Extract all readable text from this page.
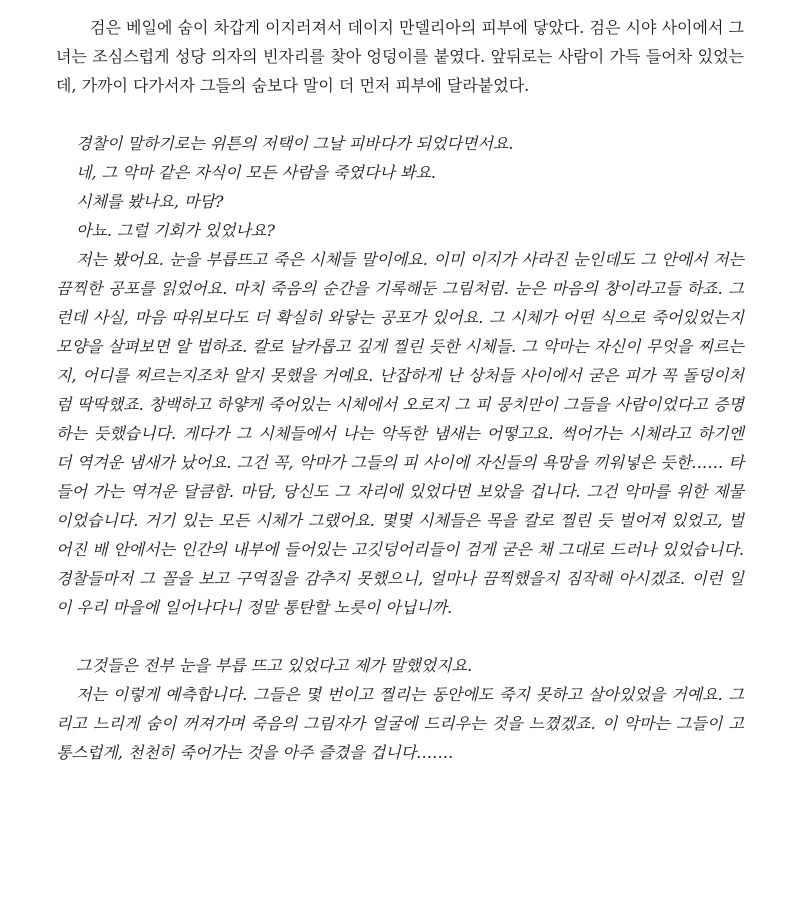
검은 베일에 숨이 차갑게 이지러져서 데이지 만델리아의 피부에 닿았다. 검은 시야 사이에서 그녀는 조심스럽게 성당 의자의 빈자리를 찾아 엉덩이를 붙였다. 앞뒤로는 사람이 가득 들어차 있었는데, 가까이 다가서자 그들의 숨보다 말이 더 먼저 피부에 달라붙었다.

경찰이 말하기로는 위튼의 저택이 그날 피바다가 되었다면서요.

네, 그 악마 같은 자식이 모든 사람을 죽였다나 봐요.

시체를 봤나요, 마담?

아뇨. 그럴 기회가 있었나요?

저는 봤어요. 눈을 부릅뜨고 죽은 시체들 말이에요. 이미 이지가 사라진 눈인데도 그 안에서 저는 끔찍한 공포를 읽었어요. 마치 죽음의 순간을 기록해둔 그림처럼. 눈은 마음의 창이라고들 하죠. 그런데 사실, 마음 따위보다도 더 확실히 와닿는 공포가 있어요. 그 시체가 어떤 식으로 죽어있었는지 모양을 살펴보면 알 법하죠. 칼로 날카롭고 깊게 찔린 듯한 시체들. 그 악마는 자신이 무엇을 찌르는지, 어디를 찌르는지조차 알지 못했을 거예요. 난잡하게 난 상처들 사이에서 굳은 피가 꼭 돌덩이처럼 딱딱했죠. 창백하고 하얗게 죽어있는 시체에서 오로지 그 피 뭉치만이 그들을 사람이었다고 증명하는 듯했습니다. 게다가 그 시체들에서 나는 악독한 냄새는 어떻고요. 썩어가는 시체라고 하기엔 더 역겨운 냄새가 났어요. 그건 꼭, 악마가 그들의 피 사이에 자신들의 욕망을 끼워넣은 듯한…… 타들어 가는 역겨운 달큼함. 마담, 당신도 그 자리에 있었다면 보았을 겁니다. 그건 악마를 위한 제물이었습니다. 거기 있는 모든 시체가 그랬어요. 몇몇 시체들은 목을 칼로 찔린 듯 벌어져 있었고, 벌어진 배 안에서는 인간의 내부에 들어있는 고깃덩어리들이 검게 굳은 채 그대로 드러나 있었습니다. 경찰들마저 그 꼴을 보고 구역질을 감추지 못했으니, 얼마나 끔찍했을지 짐작해 아시겠죠. 이런 일이 우리 마을에 일어나다니 정말 통탄할 노릇이 아닙니까.

그것들은 전부 눈을 부릅 뜨고 있었다고 제가 말했었지요.

저는 이렇게 예측합니다. 그들은 몇 번이고 찔리는 동안에도 죽지 못하고 살아있었을 거예요. 그리고 느리게 숨이 꺼져가며 죽음의 그림자가 얼굴에 드리우는 것을 느꼈겠죠. 이 악마는 그들이 고통스럽게, 천천히 죽어가는 것을 아주 즐겼을 겁니다…….
